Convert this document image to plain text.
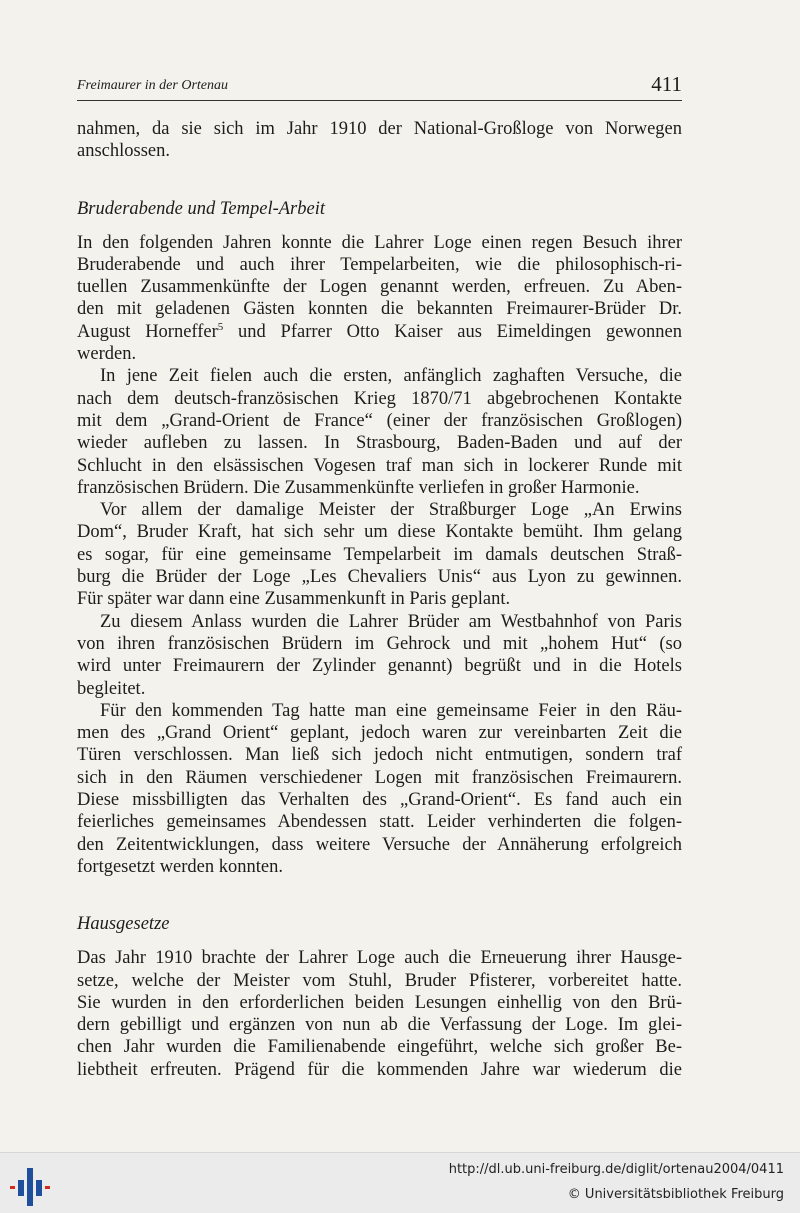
Freimaurer in der Ortenau	411
nahmen, da sie sich im Jahr 1910 der National-Großloge von Norwegen
anschlossen.
Bruderabende und Tempel-Arbeit
In den folgenden Jahren konnte die Lahrer Loge einen regen Besuch ihrer
Bruderabende und auch ihrer Tempelarbeiten, wie die philosophisch-ri-
tuellen Zusammenkünfte der Logen genannt werden, erfreuen. Zu Aben-
den mit geladenen Gästen konnten die bekannten Freimaurer-Brüder Dr.
August Horneffer$^5$ und Pfarrer Otto Kaiser aus Eimeldingen gewonnen
werden.
In jene Zeit fielen auch die ersten, anfänglich zaghaften Versuche, die
nach dem deutsch-französischen Krieg 1870/71 abgebrochenen Kontakte
mit dem „Grand-Orient de France“ (einer der französischen Großlogen)
wieder aufleben zu lassen. In Strasbourg, Baden-Baden und auf der
Schlucht in den elsässischen Vogesen traf man sich in lockerer Runde mit
französischen Brüdern. Die Zusammenkünfte verliefen in großer Harmonie.
Vor allem der damalige Meister der Straßburger Loge „An Erwins
Dom“, Bruder Kraft, hat sich sehr um diese Kontakte bemüht. Ihm gelang
es sogar, für eine gemeinsame Tempelarbeit im damals deutschen Straß-
burg die Brüder der Loge „Les Chevaliers Unis“ aus Lyon zu gewinnen.
Für später war dann eine Zusammenkunft in Paris geplant.
Zu diesem Anlass wurden die Lahrer Brüder am Westbahnhof von Paris
von ihren französischen Brüdern im Gehrock und mit „hohem Hut“ (so
wird unter Freimaurern der Zylinder genannt) begrüßt und in die Hotels
begleitet.
Für den kommenden Tag hatte man eine gemeinsame Feier in den Räu-
men des „Grand Orient“ geplant, jedoch waren zur vereinbarten Zeit die
Türen verschlossen. Man ließ sich jedoch nicht entmutigen, sondern traf
sich in den Räumen verschiedener Logen mit französischen Freimaurern.
Diese missbilligten das Verhalten des „Grand-Orient“. Es fand auch ein
feierliches gemeinsames Abendessen statt. Leider verhinderten die folgen-
den Zeitentwicklungen, dass weitere Versuche der Annäherung erfolgreich
fortgesetzt werden konnten.
Hausgesetze
Das Jahr 1910 brachte der Lahrer Loge auch die Erneuerung ihrer Hausge-
setze, welche der Meister vom Stuhl, Bruder Pfisterer, vorbereitet hatte.
Sie wurden in den erforderlichen beiden Lesungen einhellig von den Brü-
dern gebilligt und ergänzen von nun ab die Verfassung der Loge. Im glei-
chen Jahr wurden die Familienabende eingeführt, welche sich großer Be-
liebtheit erfreuten. Prägend für die kommenden Jahre war wiederum die
http://dl.ub.uni-freiburg.de/diglit/ortenau2004/0411
© Universitätsbibliothek Freiburg
